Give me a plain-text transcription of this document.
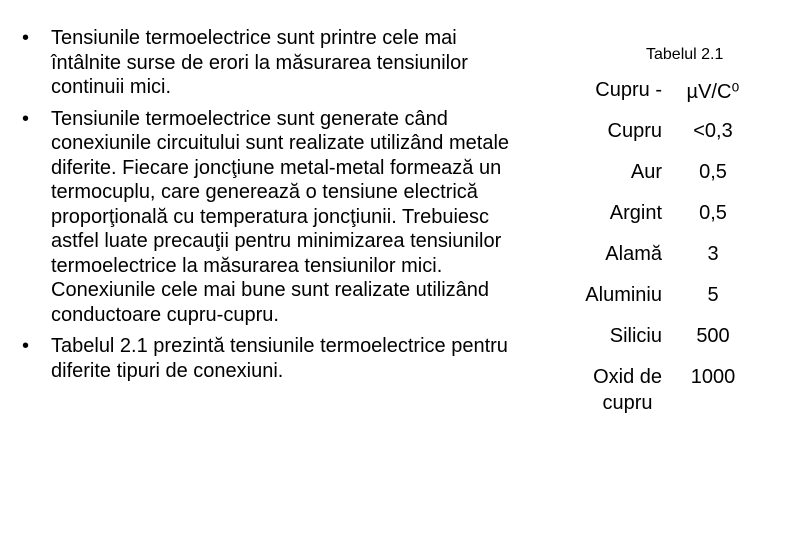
• Tensiunile termoelectrice sunt printre cele mai întâlnite surse de erori la măsurarea tensiunilor continuii mici.
• Tensiunile termoelectrice sunt generate când conexiunile circuitului sunt realizate utilizând metale diferite. Fiecare joncţiune metal-metal formează un termocuplu, care generează o tensiune electrică proporţională cu temperatura joncţiunii. Trebuiesc astfel luate precauţii pentru minimizarea tensiunilor termoelectrice la măsurarea tensiunilor mici. Conexiunile cele mai bune sunt realizate utilizând conductoare cupru-cupru.
• Tabelul 2.1 prezintă tensiunile termoelectrice pentru diferite tipuri de conexiuni.
Tabelul 2.1
Cupru -	µV/C⁰
Cupru	<0,3
Aur	0,5
Argint	0,5
Alamă	3
Aluminiu	5
Siliciu	500
Oxid de
cupru	1000
